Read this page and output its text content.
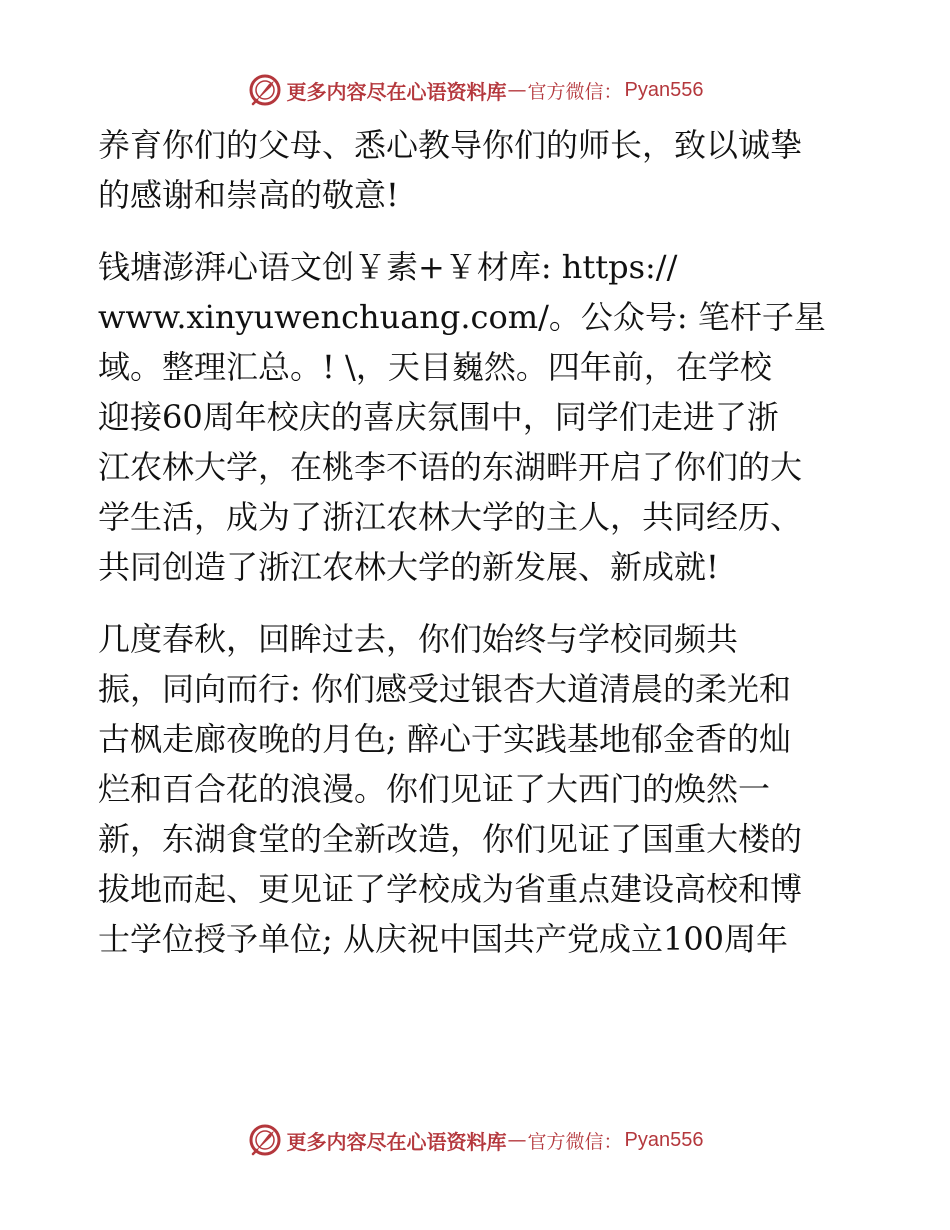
更多内容尽在心语资料库 — 官方微信： Pyan556

养育你们的父母、悉心教导你们的师长，致以诚挚
的感谢和崇高的敬意!

钱塘澎湃心语文创￥素+￥材库: https://
www.xinyuwenchuang.com/。公众号: 笔杆子星
域。整理汇总。! \，天目巍然。四年前，在学校
迎接60周年校庆的喜庆氛围中，同学们走进了浙
江农林大学，在桃李不语的东湖畔开启了你们的大
学生活，成为了浙江农林大学的主人，共同经历、
共同创造了浙江农林大学的新发展、新成就!

几度春秋，回眸过去，你们始终与学校同频共
振，同向而行: 你们感受过银杏大道清晨的柔光和
古枫走廊夜晚的月色; 醉心于实践基地郁金香的灿
烂和百合花的浪漫。你们见证了大西门的焕然一
新，东湖食堂的全新改造，你们见证了国重大楼的
拔地而起、更见证了学校成为省重点建设高校和博
士学位授予单位; 从庆祝中国共产党成立100周年

更多内容尽在心语资料库 — 官方微信： Pyan556
